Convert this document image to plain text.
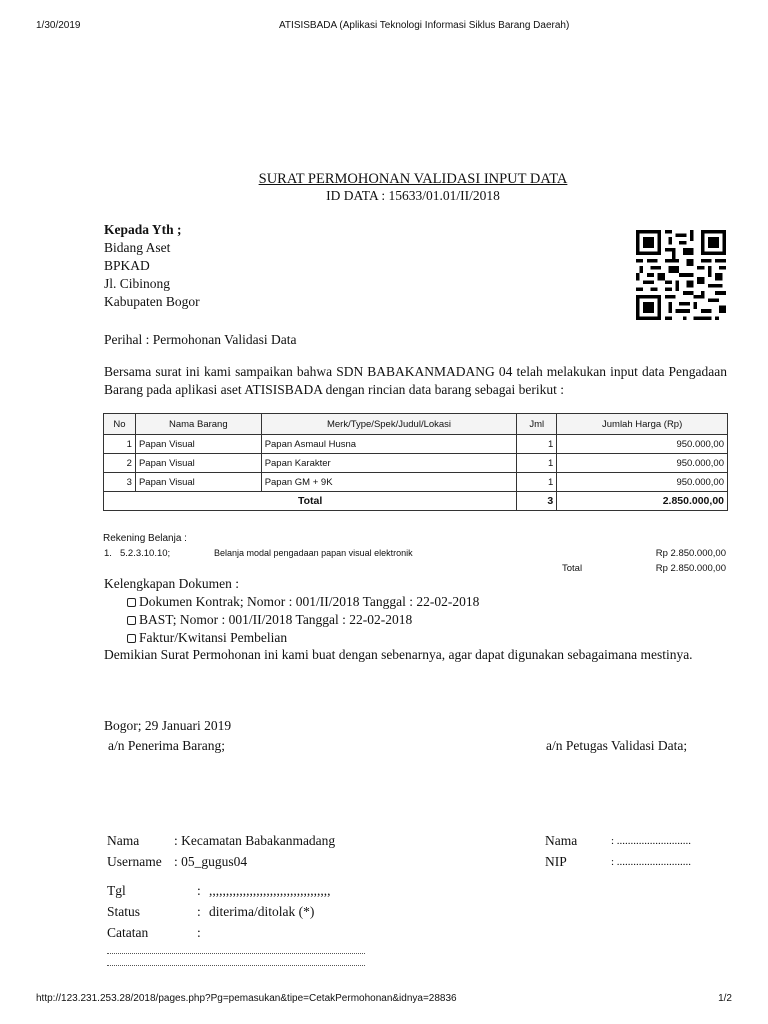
1/30/2019	ATISISBADA (Aplikasi Teknologi Informasi Siklus Barang Daerah)
SURAT PERMOHONAN VALIDASI INPUT DATA
ID DATA : 15633/01.01/II/2018
Kepada Yth ;
Bidang Aset
BPKAD
Jl. Cibinong
Kabupaten Bogor
Perihal : Permohonan Validasi Data
Bersama surat ini kami sampaikan bahwa SDN BABAKANMADANG 04 telah melakukan input data Pengadaan Barang pada aplikasi aset ATISISBADA dengan rincian data barang sebagai berikut :
No	Nama Barang	Merk/Type/Spek/Judul/Lokasi	Jml	Jumlah Harga (Rp)
1	Papan Visual	Papan Asmaul Husna	1	950.000,00
2	Papan Visual	Papan Karakter	1	950.000,00
3	Papan Visual	Papan GM + 9K	1	950.000,00
Total			3	2.850.000,00
Rekening Belanja :
1. 5.2.3.10.10;	Belanja modal pengadaan papan visual elektronik	Rp 2.850.000,00
Total	Rp 2.850.000,00
Kelengkapan Dokumen :
Dokumen Kontrak; Nomor : 001/II/2018 Tanggal : 22-02-2018
BAST; Nomor : 001/II/2018 Tanggal : 22-02-2018
Faktur/Kwitansi Pembelian
Demikian Surat Permohonan ini kami buat dengan sebenarnya, agar dapat digunakan sebagaimana mestinya.
Bogor; 29 Januari 2019
a/n Penerima Barang;	a/n Petugas Validasi Data;
Nama	: Kecamatan Babakanmadang
Username : 05_gugus04
Nama	: ...........................
NIP	: ...........................
Tgl	: ,,,,,,,,,,,,,,,,,,,,,,,,,,,,,,,,,,,,
Status	: diterima/ditolak (*)
Catatan	:
http://123.231.253.28/2018/pages.php?Pg=pemasukan&tipe=CetakPermohonan&idnya=28836	1/2
